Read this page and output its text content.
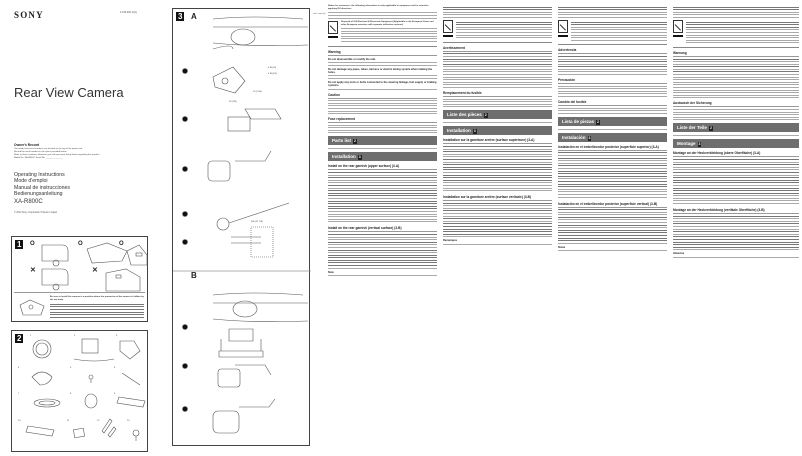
SONY	4-159-066-11(1)
Rear View Camera
Owner's Record
The model and serial numbers are located on the top of the power unit.
Record the serial number in the space provided below.
Refer to these numbers whenever you call upon your Sony dealer regarding this product.
Model No. XA-R800C Serial No. ______________
Operating Instructions
Mode d'emploi
Manual de instrucciones
Bedienungsanleitung
XA-R800C
© 2010 Sony Corporation Printed in Japan
1	O	O	O
✕	✕
Be sure to install the camera in a position where the protrusion of the camera is hidden by the car body.
2	1	2	3
4	5	6
7	8	9
10	11	12	13
3 A	Unit: mm (in)
B
4 M (15)
4 M (1/4)
10 (7/16)
20 (7/8)
300 (11 7/8)
Notice for customers: the following information is only applicable to equipment sold in countries applying EU directives
Disposal of Old Electrical & Electronic Equipment (Applicable in the European Union and other European countries with separate collection systems)
Warning
Do not disassemble or modify the unit.
Do not damage any pipes, tubes, harness or electric wiring system when making the holes.
Do not apply any tools or bolts connected to the steering linkage, fuel supply or braking systems.
Caution
Fuse replacement
Parts list 2
Installation 3
Install on the rear garnish (upper surface) (3-A)
Install on the rear garnish (vertical surface) (3-B)
Note
Avertissement
Remplacement du fusible
Liste des pièces 2
Installation 3
Installation sur la garniture arrière (surface supérieure) (3-A)
Installation sur la garniture arrière (surface verticale) (3-B)
Remarques
Advertencia
Precaución
Cambio del fusible
Lista de piezas 2
Instalación 3
Instalación en el embellecedor posterior (superficie superior) (3-A)
Instalación en el embellecedor posterior (superficie vertical) (3-B)
Notas
Warnung
Austausch der Sicherung
Liste der Teile 2
Montage 3
Montage an der Heckverkleidung (obere Oberfläche) (3-A)
Montage an der Heckverkleidung (vertikale Oberfläche) (3-B)
Hinweise
